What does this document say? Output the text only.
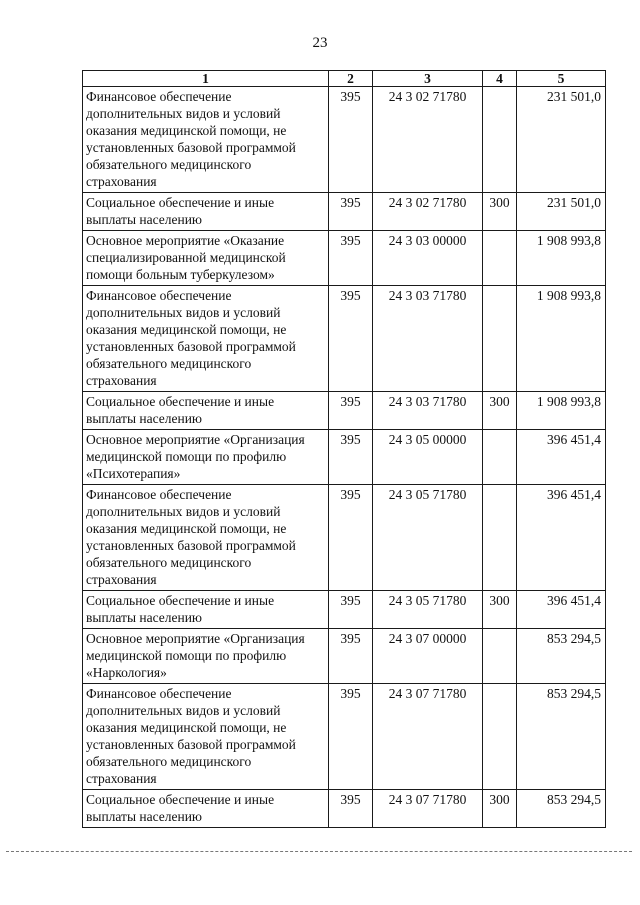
23
1	2	3	4	5
Финансовое обеспечение дополнительных видов и условий оказания медицинской помощи, не установленных базовой программой обязательного медицинского страхования	395	24 3 02 71780		231 501,0
Социальное обеспечение и иные выплаты населению	395	24 3 02 71780	300	231 501,0
Основное мероприятие «Оказание специализированной медицинской помощи больным туберкулезом»	395	24 3 03 00000		1 908 993,8
Финансовое обеспечение дополнительных видов и условий оказания медицинской помощи, не установленных базовой программой обязательного медицинского страхования	395	24 3 03 71780		1 908 993,8
Социальное обеспечение и иные выплаты населению	395	24 3 03 71780	300	1 908 993,8
Основное мероприятие «Организация медицинской помощи по профилю «Психотерапия»	395	24 3 05 00000		396 451,4
Финансовое обеспечение дополнительных видов и условий оказания медицинской помощи, не установленных базовой программой обязательного медицинского страхования	395	24 3 05 71780		396 451,4
Социальное обеспечение и иные выплаты населению	395	24 3 05 71780	300	396 451,4
Основное мероприятие «Организация медицинской помощи по профилю «Наркология»	395	24 3 07 00000		853 294,5
Финансовое обеспечение дополнительных видов и условий оказания медицинской помощи, не установленных базовой программой обязательного медицинского страхования	395	24 3 07 71780		853 294,5
Социальное обеспечение и иные выплаты населению	395	24 3 07 71780	300	853 294,5
